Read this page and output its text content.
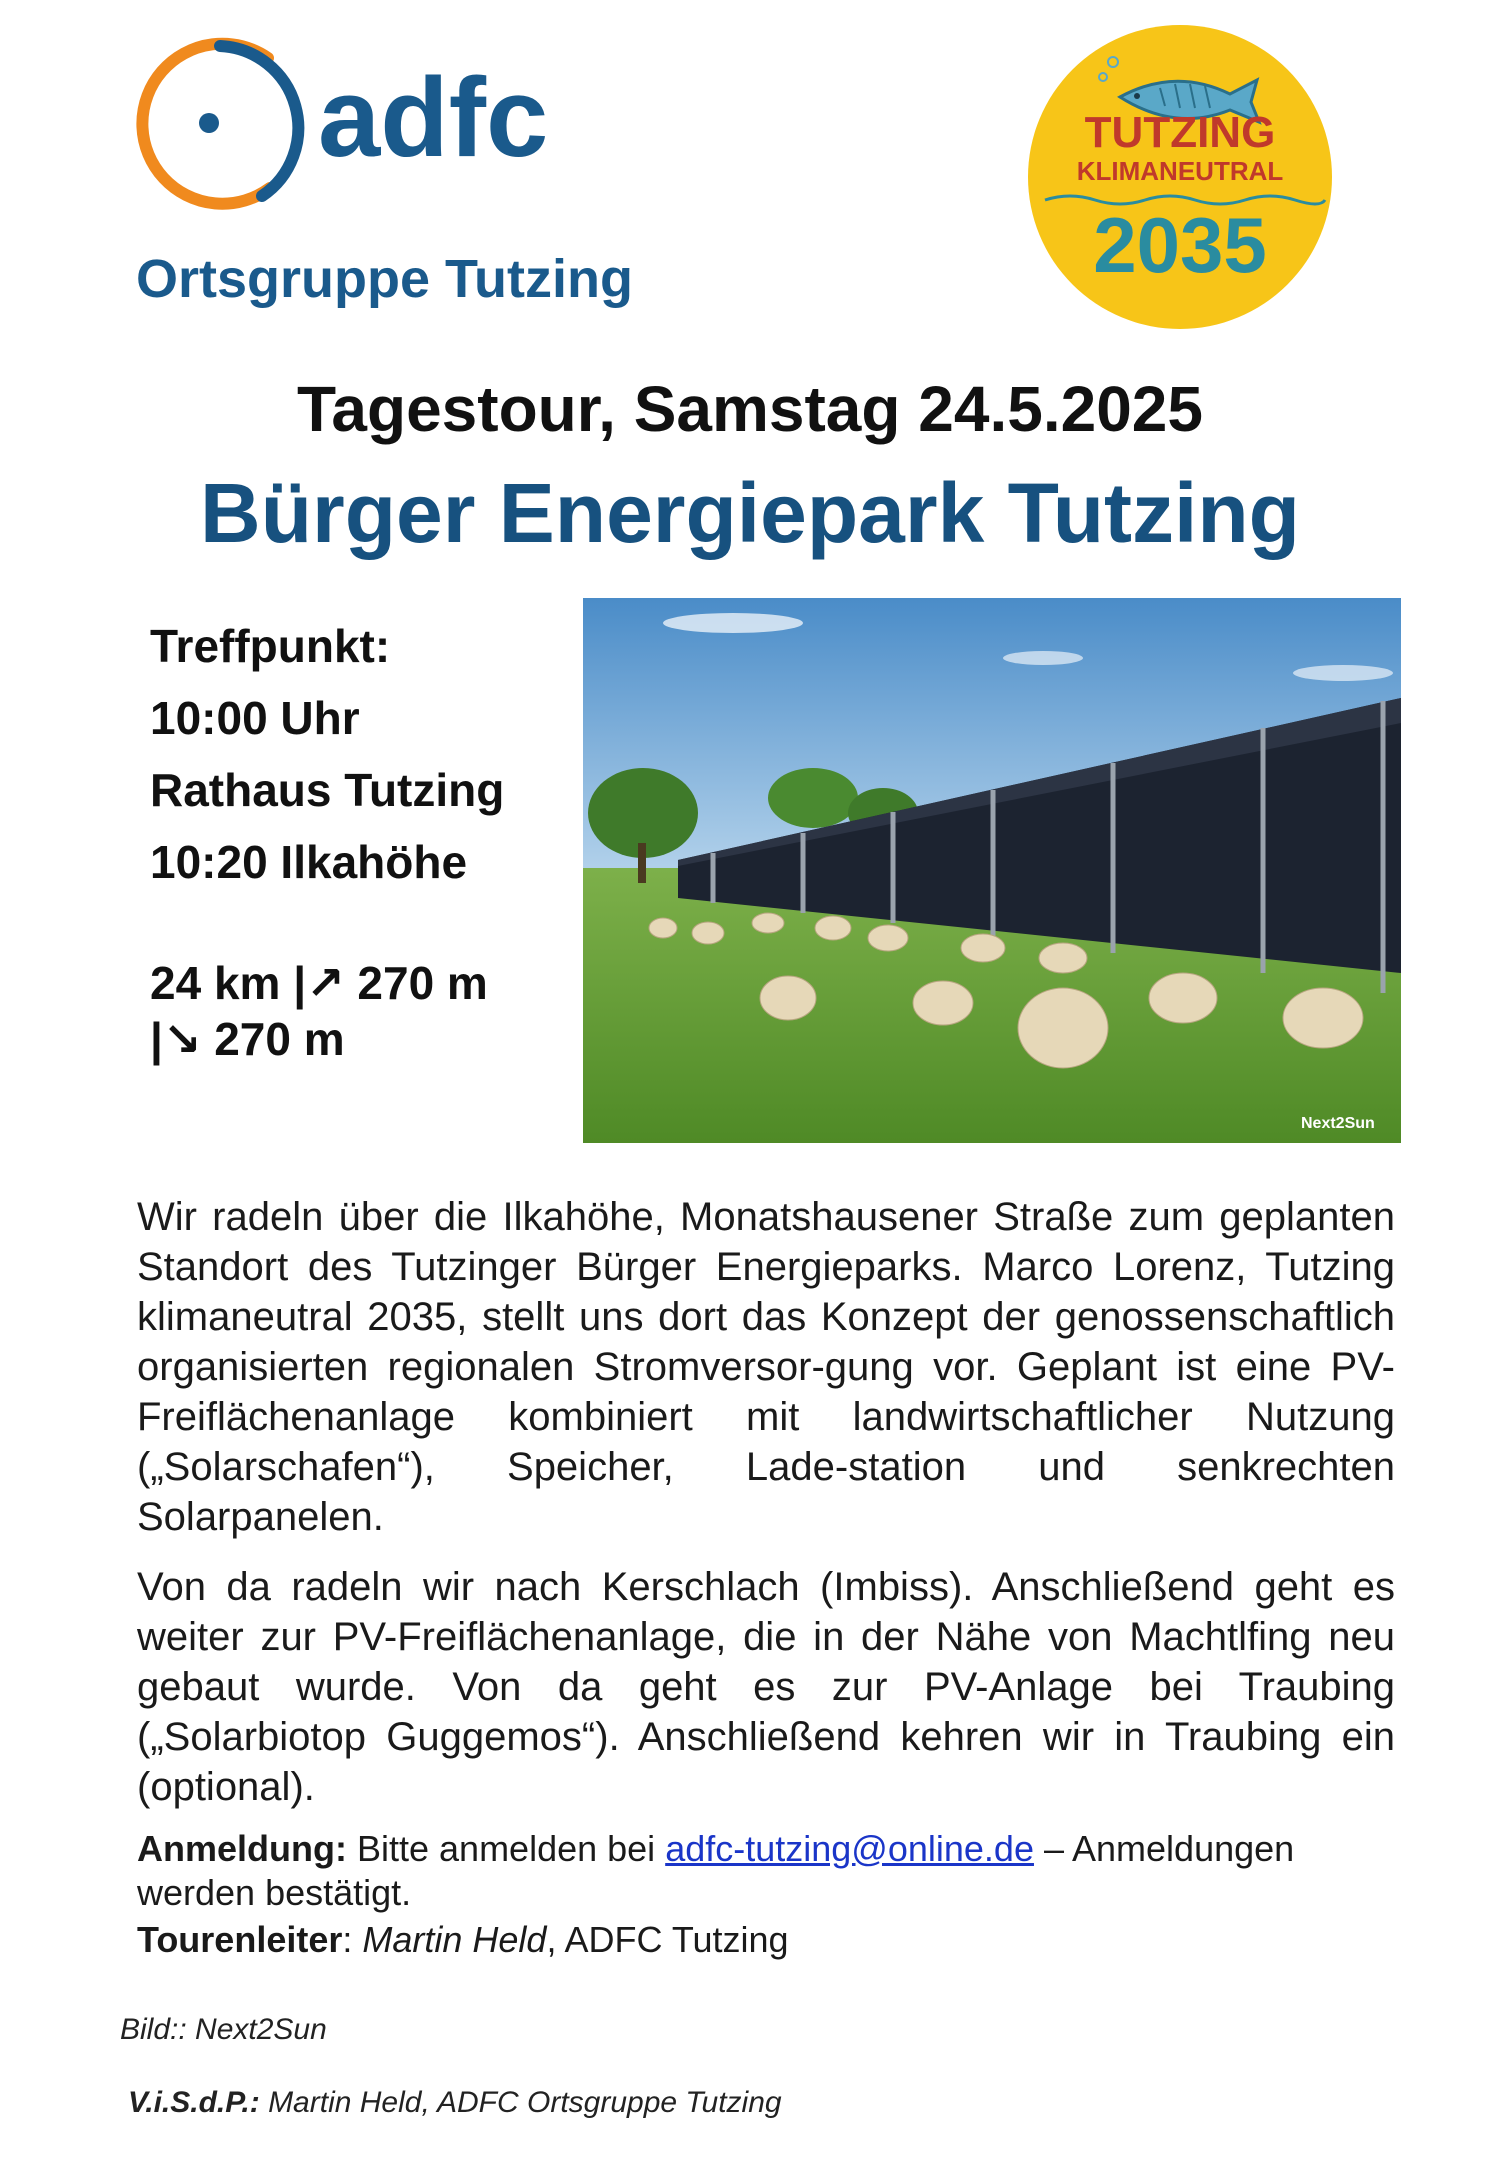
adfc
Ortsgruppe Tutzing
TUTZING
KLIMANEUTRAL
2035
Tagestour, Samstag 24.5.2025
Bürger Energiepark Tutzing
Treffpunkt:
10:00 Uhr
Rathaus Tutzing
10:20 Ilkahöhe
24 km |↗ 270 m
|↘ 270 m
Next2Sun
Wir radeln über die Ilkahöhe, Monatshausener Straße zum geplanten Standort des Tutzinger Bürger Energieparks. Marco Lorenz, Tutzing klimaneutral 2035, stellt uns dort das Konzept der genossenschaftlich organisierten regionalen Stromversor-gung vor. Geplant ist eine PV-Freiflächenanlage kombiniert mit landwirtschaftlicher Nutzung („Solarschafen“), Speicher, Lade-station und senkrechten Solarpanelen.
Von da radeln wir nach Kerschlach (Imbiss). Anschließend geht es weiter zur PV-Freiflächenanlage, die in der Nähe von Machtlfing neu gebaut wurde. Von da geht es zur PV-Anlage bei Traubing („Solarbiotop Guggemos“). Anschließend kehren wir in Traubing ein (optional).
Anmeldung: Bitte anmelden bei adfc-tutzing@online.de – Anmeldungen werden bestätigt.
Tourenleiter: Martin Held, ADFC Tutzing
Bild:: Next2Sun
V.i.S.d.P.: Martin Held, ADFC Ortsgruppe Tutzing
